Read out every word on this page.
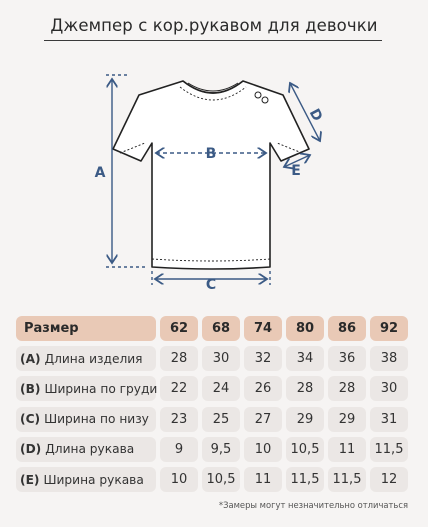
Джемпер с кор.рукавом для девочки
A
B
C
D
E
Размер	62	68	74	80	86	92
(A) Длина изделия	28	30	32	34	36	38
(B) Ширина по груди	22	24	26	28	28	30
(C) Ширина по низу	23	25	27	29	29	31
(D) Длина рукава	9	9,5	10	10,5	11	11,5
(E) Ширина рукава	10	10,5	11	11,5	11,5	12
*Замеры могут незначительно отличаться
